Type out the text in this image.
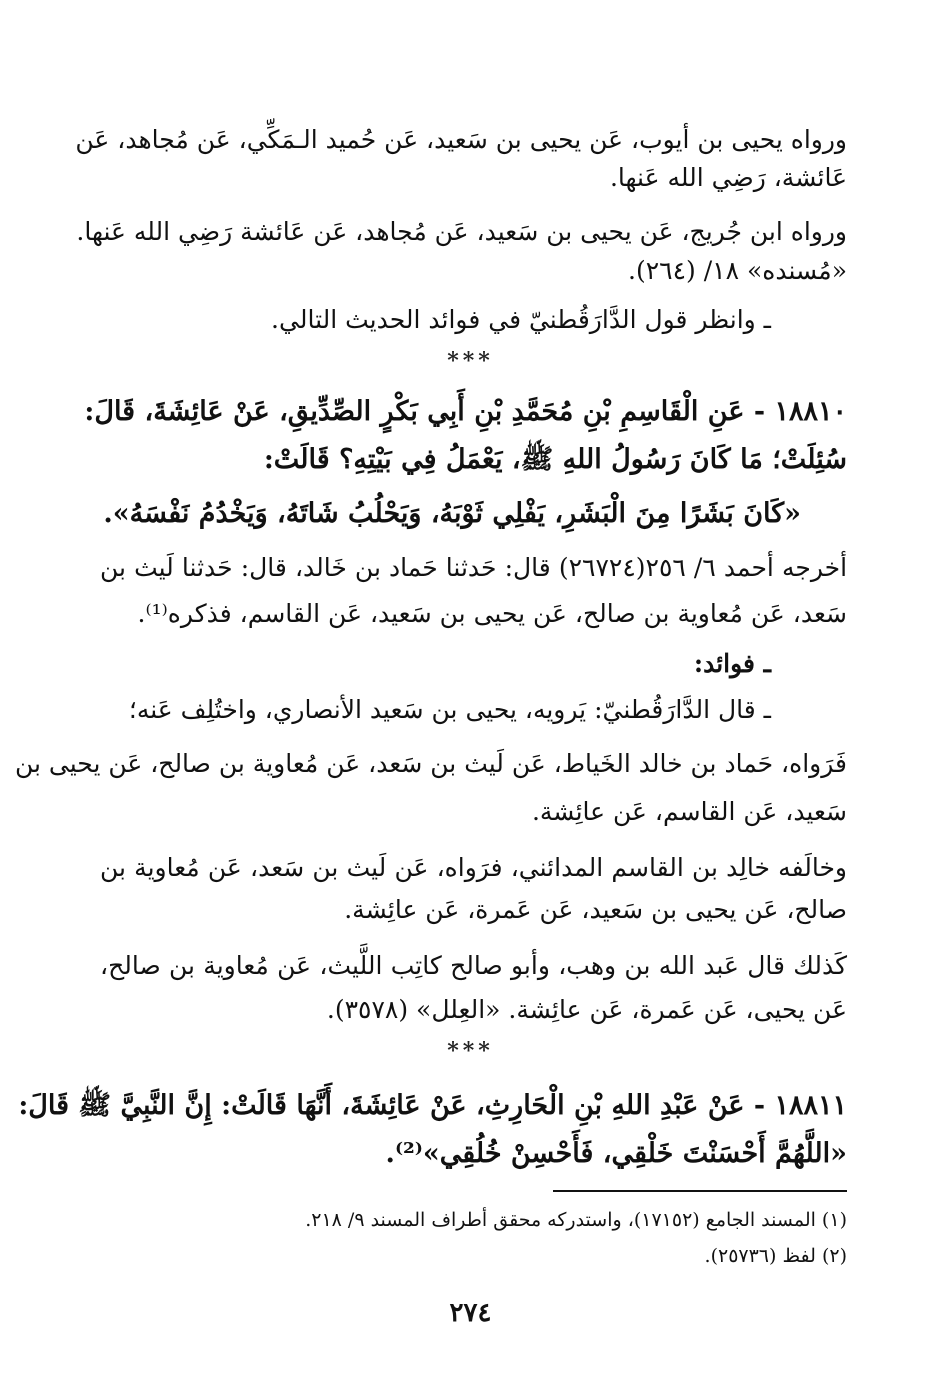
ورواه يحيى بن أيوب، عَن يحيى بن سَعيد، عَن حُميد الـمَكِّي، عَن مُجاهد، عَن
عَائشة، رَضِي الله عَنها.
ورواه ابن جُريج، عَن يحيى بن سَعيد، عَن مُجاهد، عَن عَائشة رَضِي الله عَنها.
«مُسنده» ١٨/ (٢٦٤).
ـ وانظر قول الدَّارَقُطنيّ في فوائد الحديث التالي.
***
١٨٨١٠ - عَنِ الْقَاسِمِ بْنِ مُحَمَّدِ بْنِ أَبِي بَكْرٍ الصِّدِّيقِ، عَنْ عَائِشَةَ، قَالَ:
سُئِلَتْ؛ مَا كَانَ رَسُولُ اللهِ ﷺ، يَعْمَلُ فِي بَيْتِهِ؟ قَالَتْ:
«كَانَ بَشَرًا مِنَ الْبَشَرِ، يَفْلِي ثَوْبَهُ، وَيَحْلُبُ شَاتَهُ، وَيَخْدُمُ نَفْسَهُ».
أخرجه أحمد ٦/ ٢٥٦(٢٦٧٢٤) قال: حَدثنا حَماد بن خَالد، قال: حَدثنا لَيث بن
سَعد، عَن مُعاوية بن صالح، عَن يحيى بن سَعيد، عَن القاسم، فذكره⁽¹⁾.
ـ فوائد:
ـ قال الدَّارَقُطنيّ: يَرويه، يحيى بن سَعيد الأنصاري، واختُلِف عَنه؛
فَرَواه، حَماد بن خالد الخَياط، عَن لَيث بن سَعد، عَن مُعاوية بن صالح، عَن يحيى بن
سَعيد، عَن القاسم، عَن عائِشة.
وخالَفه خالِد بن القاسم المدائني، فرَواه، عَن لَيث بن سَعد، عَن مُعاوية بن
صالح، عَن يحيى بن سَعيد، عَن عَمرة، عَن عائِشة.
كَذلك قال عَبد الله بن وهب، وأبو صالح كاتِب اللَّيث، عَن مُعاوية بن صالح،
عَن يحيى، عَن عَمرة، عَن عائِشة. «العِلل» (٣٥٧٨).
***
١٨٨١١ - عَنْ عَبْدِ اللهِ بْنِ الْحَارِثِ، عَنْ عَائِشَةَ، أَنَّهَا قَالَتْ: إِنَّ النَّبِيَّ ﷺ قَالَ:
«اللَّهُمَّ أَحْسَنْتَ خَلْقِي، فَأَحْسِنْ خُلُقِي»⁽²⁾.
(١) المسند الجامع (١٧١٥٢)، واستدركه محقق أطراف المسند ٩/ ٢١٨.
(٢) لفظ (٢٥٧٣٦).
٢٧٤
